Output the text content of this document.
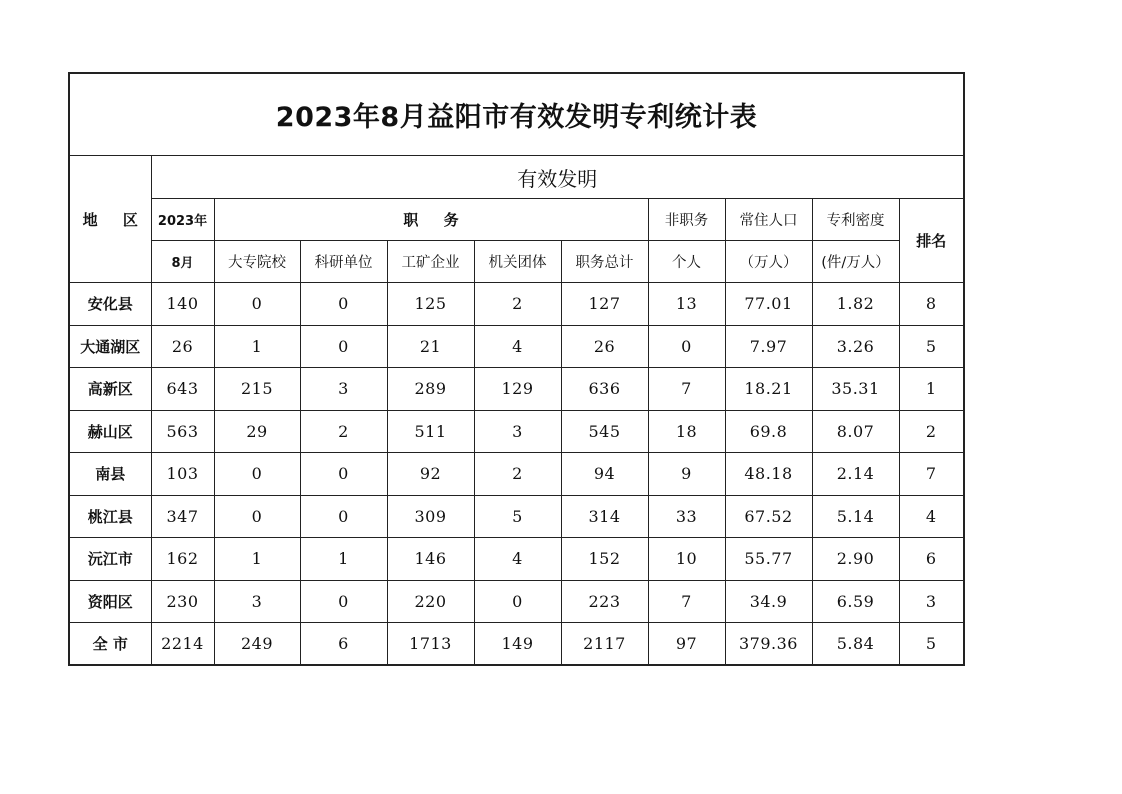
2023年8月益阳市有效发明专利统计表										
地 区	有效发明									
	2023年	职 务					非职务	常住人口	专利密度	排名
	8月	大专院校	科研单位	工矿企业	机关团体	职务总计	个人	（万人）	(件/万人）	
安化县	140	0	0	125	2	127	13	77.01	1.82	8
大通湖区	26	1	0	21	4	26	0	7.97	3.26	5
高新区	643	215	3	289	129	636	7	18.21	35.31	1
赫山区	563	29	2	511	3	545	18	69.8	8.07	2
南县	103	0	0	92	2	94	9	48.18	2.14	7
桃江县	347	0	0	309	5	314	33	67.52	5.14	4
沅江市	162	1	1	146	4	152	10	55.77	2.90	6
资阳区	230	3	0	220	0	223	7	34.9	6.59	3
全 市	2214	249	6	1713	149	2117	97	379.36	5.84	5
